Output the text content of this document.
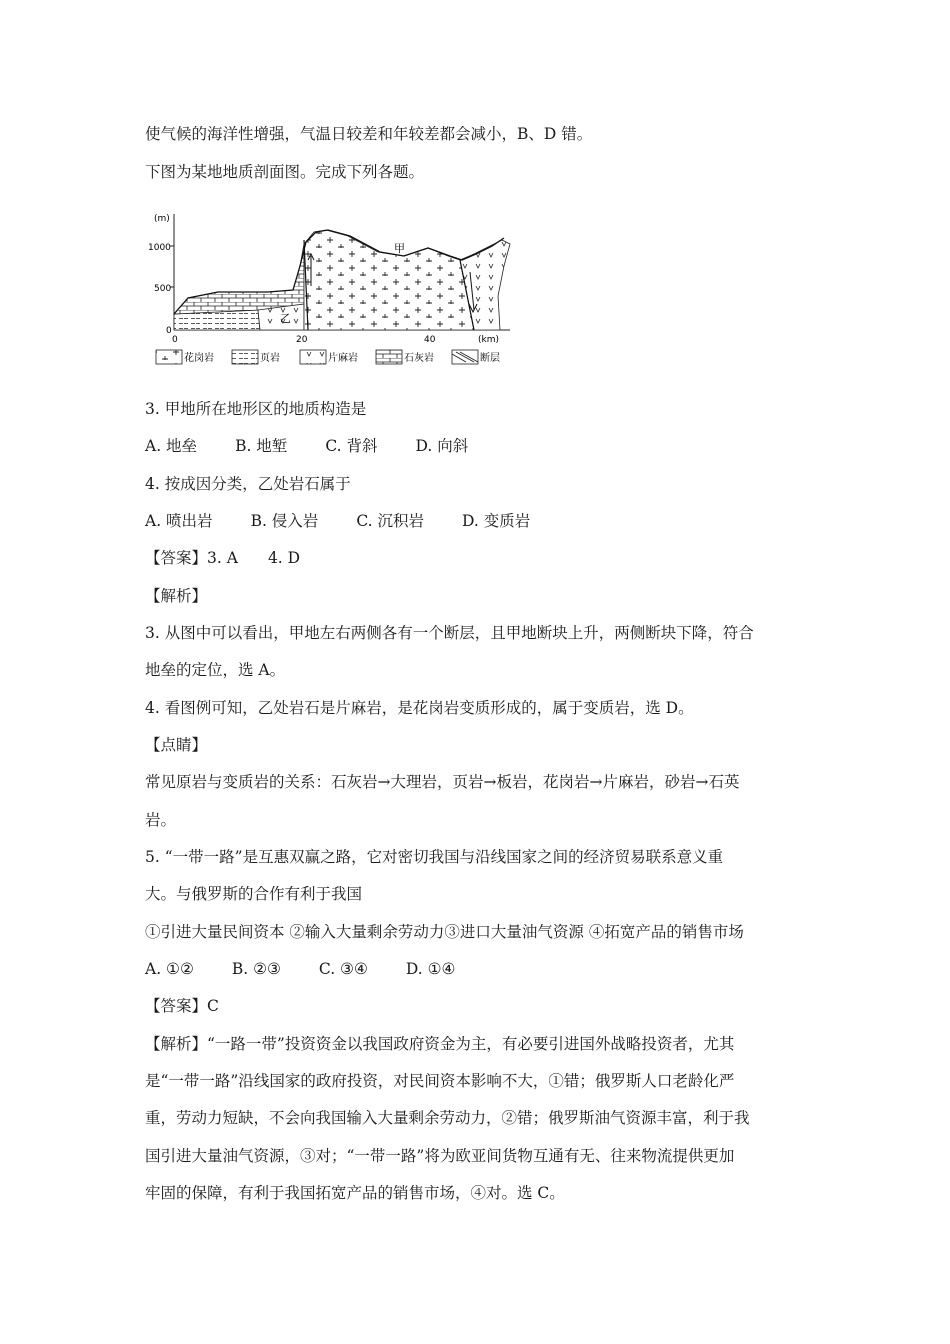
使气候的海洋性增强，气温日较差和年较差都会减小，B、D 错。
下图为某地地质剖面图。完成下列各题。
(m)
1000
500
0
0	20	40	(km)
甲
乙
花岗岩	页岩	片麻岩	石灰岩	断层
3. 甲地所在地形区的地质构造是
A. 地垒 B. 地堑 C. 背斜 D. 向斜
4. 按成因分类，乙处岩石属于
A. 喷出岩 B. 侵入岩 C. 沉积岩 D. 变质岩
【答案】3. A 4. D
【解析】
3. 从图中可以看出，甲地左右两侧各有一个断层，且甲地断块上升，两侧断块下降，符合
地垒的定位，选 A。
4. 看图例可知，乙处岩石是片麻岩，是花岗岩变质形成的，属于变质岩，选 D。
【点睛】
常见原岩与变质岩的关系：石灰岩→大理岩，页岩→板岩，花岗岩→片麻岩，砂岩→石英
岩。
5. “一带一路”是互惠双赢之路，它对密切我国与沿线国家之间的经济贸易联系意义重
大。与俄罗斯的合作有利于我国
①引进大量民间资本 ②输入大量剩余劳动力③进口大量油气资源 ④拓宽产品的销售市场
A. ①② B. ②③ C. ③④ D. ①④
【答案】C
【解析】“一路一带”投资资金以我国政府资金为主，有必要引进国外战略投资者，尤其
是“一带一路”沿线国家的政府投资，对民间资本影响不大，①错；俄罗斯人口老龄化严
重，劳动力短缺，不会向我国输入大量剩余劳动力，②错；俄罗斯油气资源丰富，利于我
国引进大量油气资源，③对；“一带一路”将为欧亚间货物互通有无、往来物流提供更加
牢固的保障，有利于我国拓宽产品的销售市场，④对。选 C。
